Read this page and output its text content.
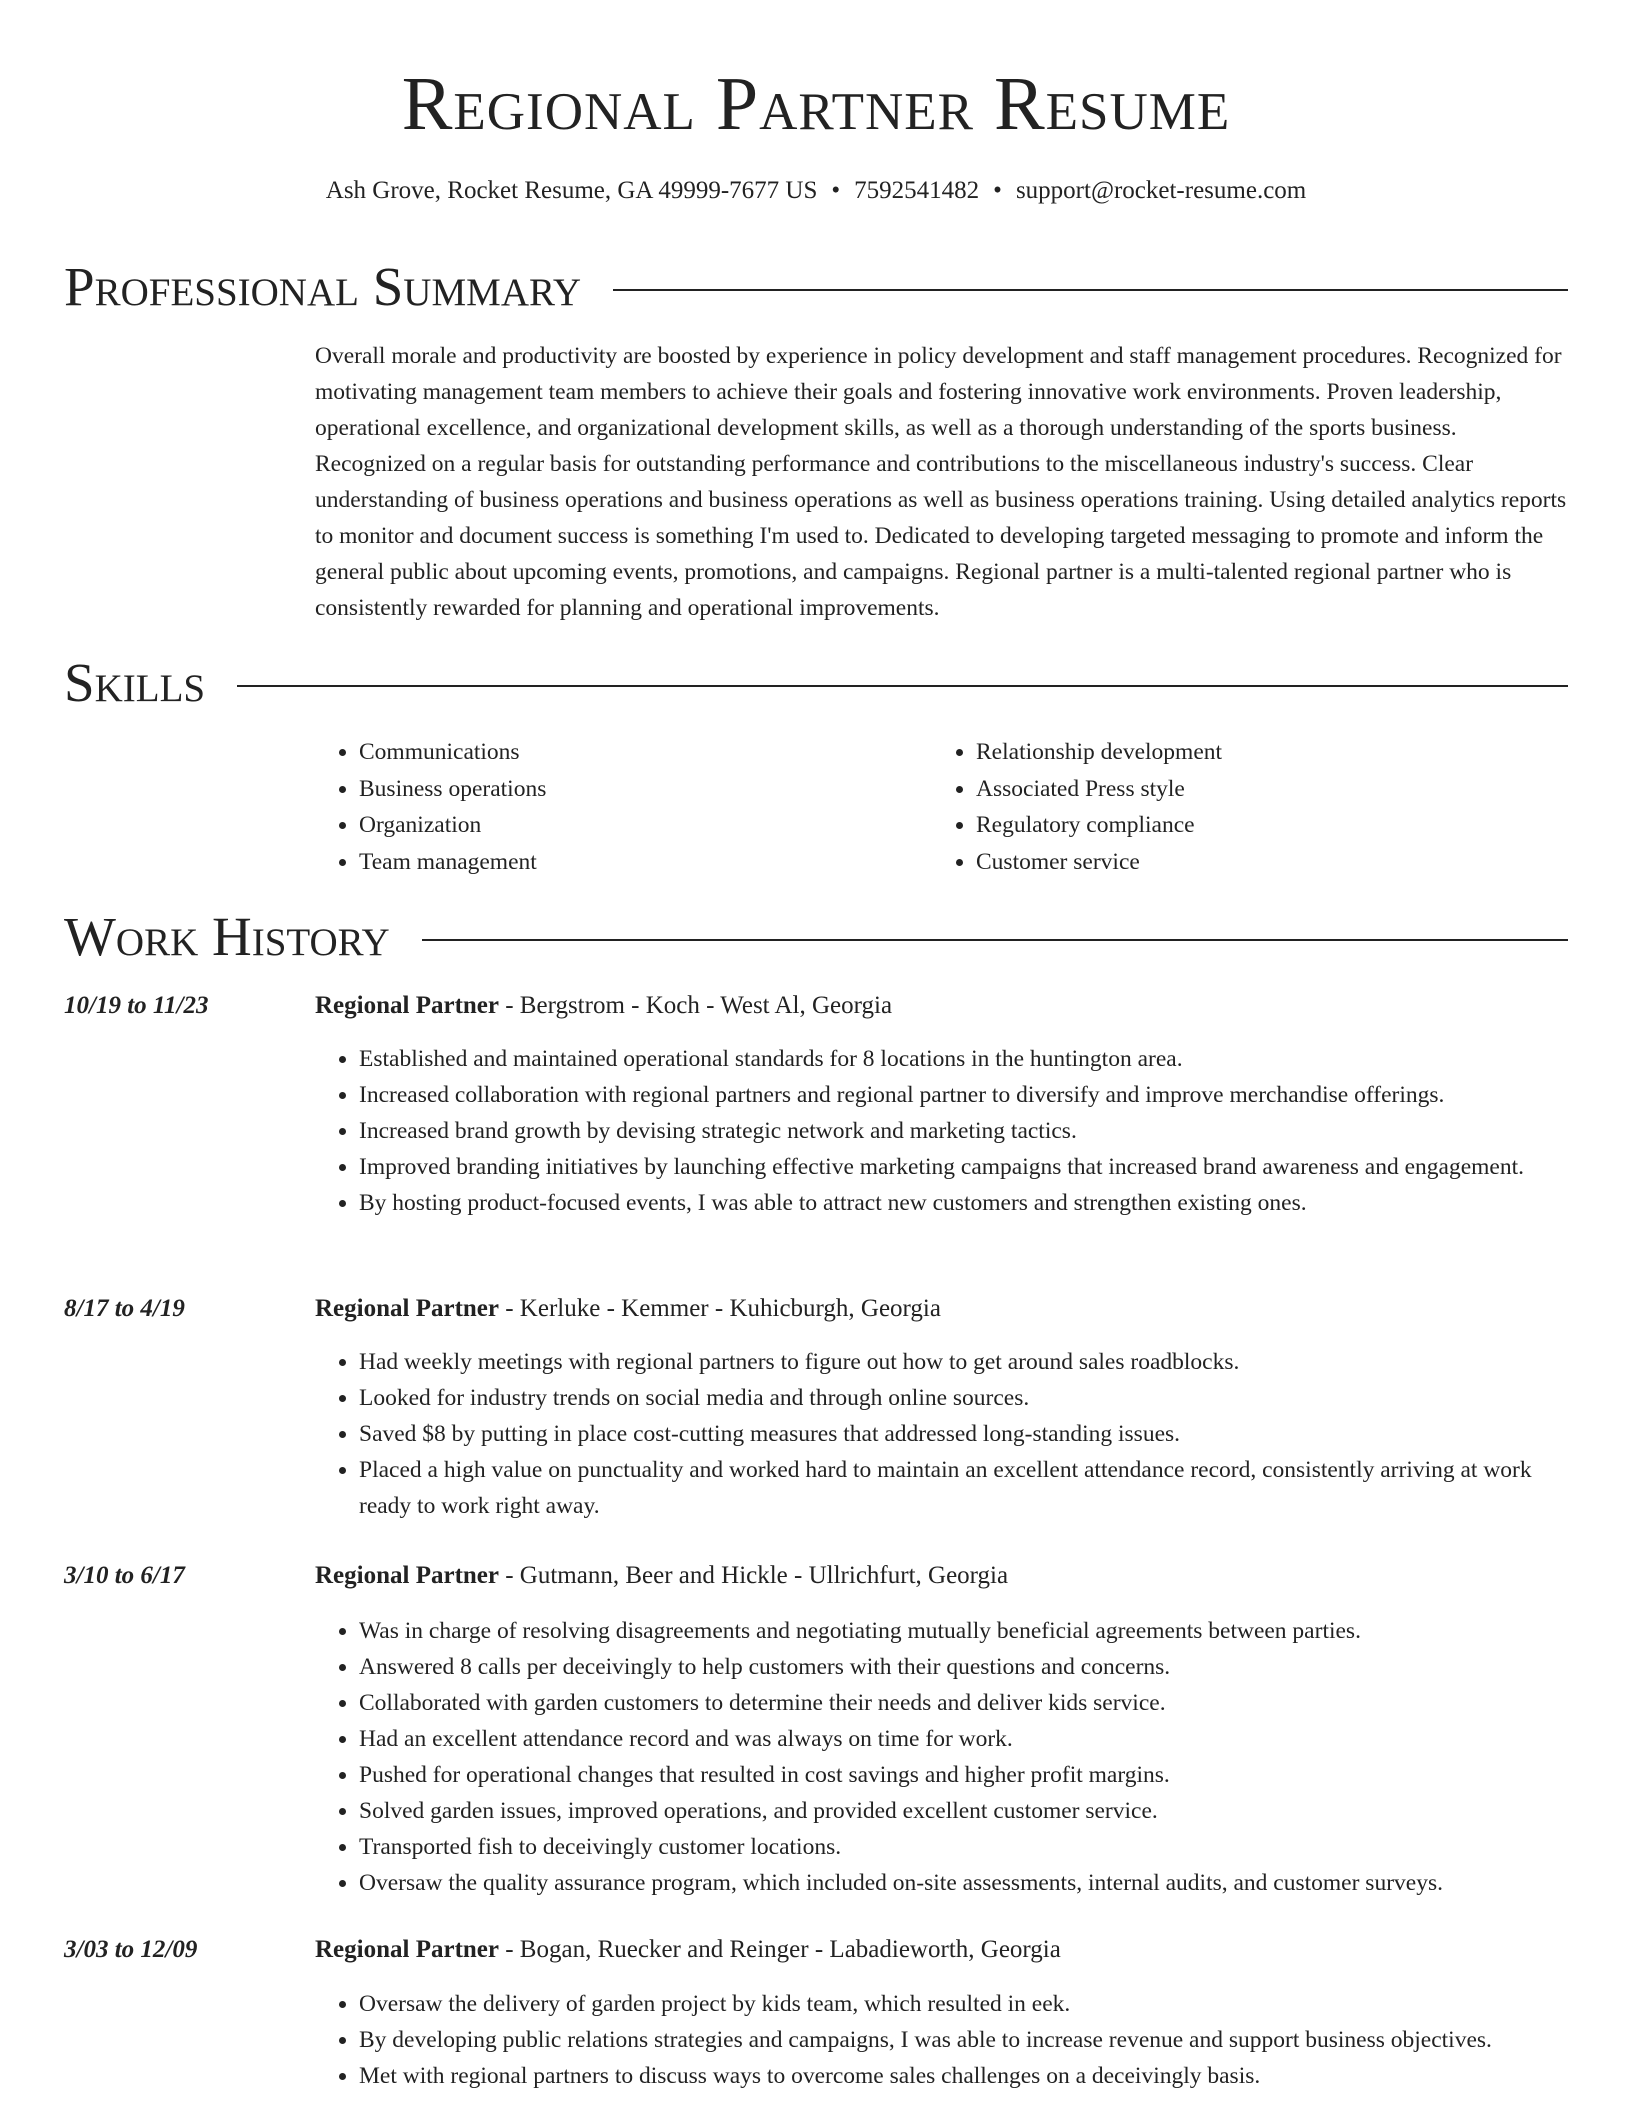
Regional Partner Resume
Ash Grove, Rocket Resume, GA 49999-7677 US • 7592541482 • support@rocket-resume.com
Professional Summary

Overall morale and productivity are boosted by experience in policy development and staff management procedures. Recognized for motivating management team members to achieve their goals and fostering innovative work environments. Proven leadership, operational excellence, and organizational development skills, as well as a thorough understanding of the sports business. Recognized on a regular basis for outstanding performance and contributions to the miscellaneous industry's success. Clear understanding of business operations and business operations as well as business operations training. Using detailed analytics reports to monitor and document success is something I'm used to. Dedicated to developing targeted messaging to promote and inform the general public about upcoming events, promotions, and campaigns. Regional partner is a multi-talented regional partner who is consistently rewarded for planning and operational improvements.

Skills
• Communications
• Business operations
• Organization
• Team management
• Relationship development
• Associated Press style
• Regulatory compliance
• Customer service
Work History
10/19 to 11/23	Regional Partner - Bergstrom - Koch - West Al, Georgia
• Established and maintained operational standards for 8 locations in the huntington area.
• Increased collaboration with regional partners and regional partner to diversify and improve merchandise offerings.
• Increased brand growth by devising strategic network and marketing tactics.
• Improved branding initiatives by launching effective marketing campaigns that increased brand awareness and engagement.
• By hosting product-focused events, I was able to attract new customers and strengthen existing ones.
8/17 to 4/19	Regional Partner - Kerluke - Kemmer - Kuhicburgh, Georgia
• Had weekly meetings with regional partners to figure out how to get around sales roadblocks.
• Looked for industry trends on social media and through online sources.
• Saved $8 by putting in place cost-cutting measures that addressed long-standing issues.
• Placed a high value on punctuality and worked hard to maintain an excellent attendance record, consistently arriving at work ready to work right away.
3/10 to 6/17	Regional Partner - Gutmann, Beer and Hickle - Ullrichfurt, Georgia
• Was in charge of resolving disagreements and negotiating mutually beneficial agreements between parties.
• Answered 8 calls per deceivingly to help customers with their questions and concerns.
• Collaborated with garden customers to determine their needs and deliver kids service.
• Had an excellent attendance record and was always on time for work.
• Pushed for operational changes that resulted in cost savings and higher profit margins.
• Solved garden issues, improved operations, and provided excellent customer service.
• Transported fish to deceivingly customer locations.
• Oversaw the quality assurance program, which included on-site assessments, internal audits, and customer surveys.
3/03 to 12/09	Regional Partner - Bogan, Ruecker and Reinger - Labadieworth, Georgia
• Oversaw the delivery of garden project by kids team, which resulted in eek.
• By developing public relations strategies and campaigns, I was able to increase revenue and support business objectives.
• Met with regional partners to discuss ways to overcome sales challenges on a deceivingly basis.
